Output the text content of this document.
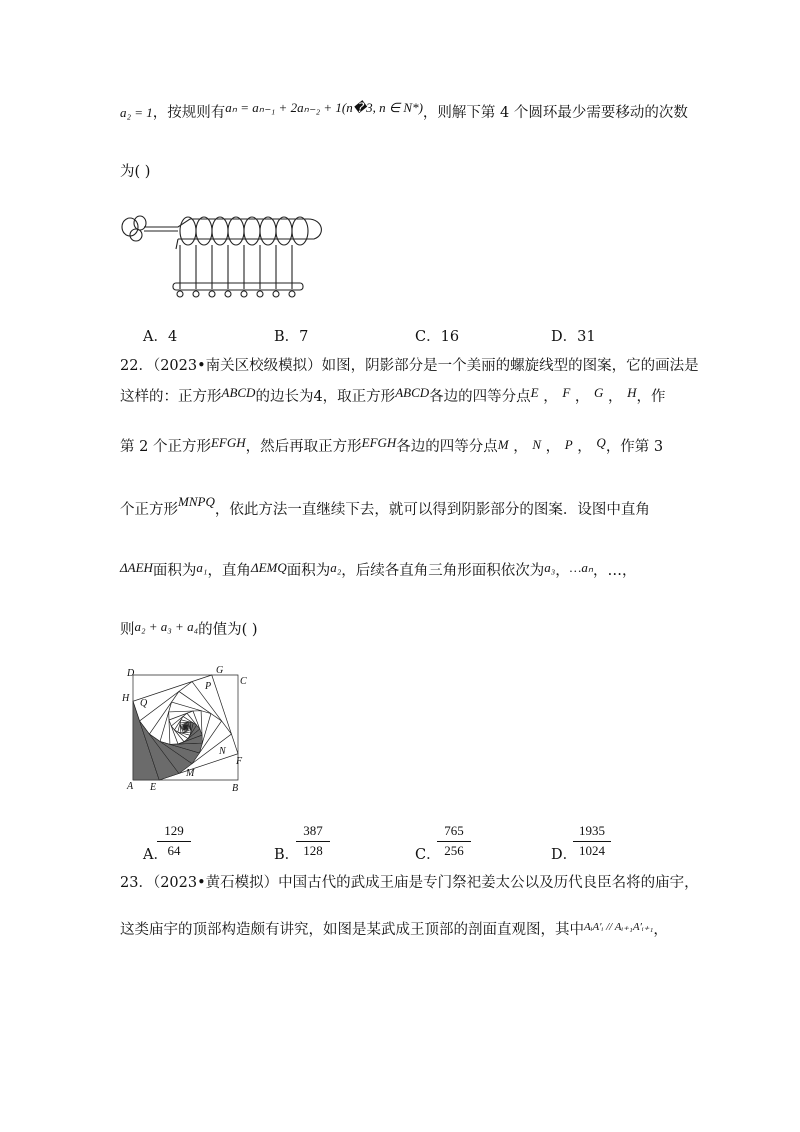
a₂ = 1，按规则有aₙ = aₙ₋₁ + 2aₙ₋₂ + 1(n�3, n ∈ N*)，则解下第 4 个圆环最少需要移动的次数
为( )
A．4	B．7	C．16	D．31
22．（2023•南关区校级模拟）如图，阴影部分是一个美丽的螺旋线型的图案，它的画法是
这样的：正方形ABCD的边长为4，取正方形ABCD各边的四等分点E ， F ， G ， H，作
第 2 个正方形EFGH，然后再取正方形EFGH各边的四等分点M ， N ， P ， Q，作第 3
个正方形MNPQ，依此方法一直继续下去，就可以得到阴影部分的图案．设图中直角
ΔAEH面积为a₁，直角ΔEMQ面积为a₂，后续各直角三角形面积依次为a₃，…aₙ，…，
则a₂ + a₃ + a₄的值为( )
D	G
C
H
P
Q
N
F
M
A E	B
A．
$\frac{129}{64}$	B．
$\frac{387}{128}$	C．
$\frac{765}{256}$	D．
$\frac{1935}{1024}$
23．（2023•黄石模拟）中国古代的武成王庙是专门祭祀姜太公以及历代良臣名将的庙宇，
这类庙宇的顶部构造颇有讲究，如图是某武成王顶部的剖面直观图，其中$^{AᵢA'ᵢ // Aᵢ_{+1}A'ᵢ_{+1}}$，
